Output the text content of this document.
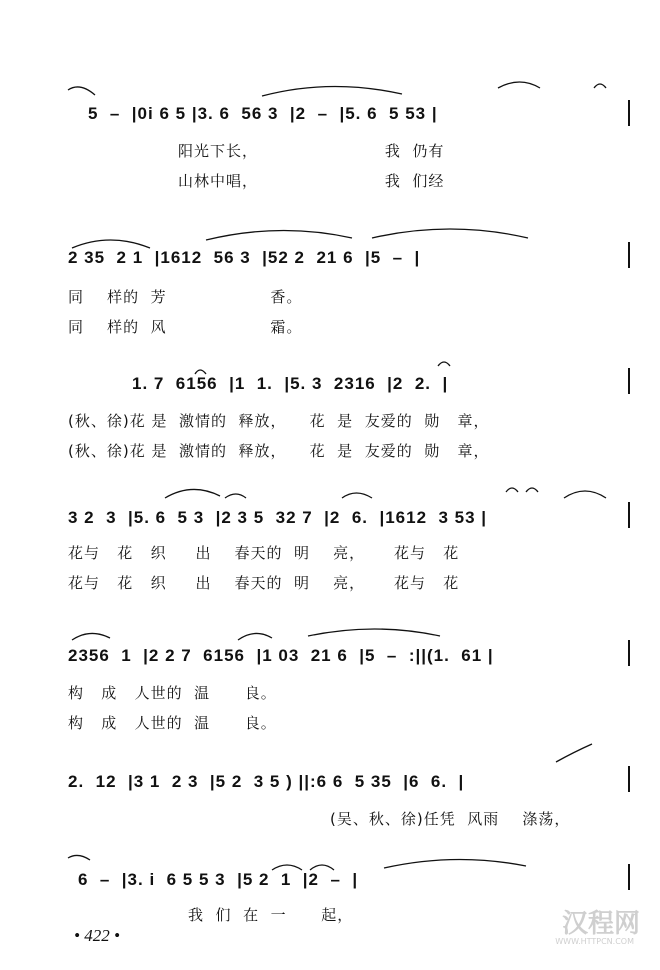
5  –  |0i 6 5 |3. 6  56 3  |2  –  |5. 6  5 53 |
阳光下长，                      我  仍有
山林中唱，                      我  们经
2 35  2 1  |1612  56 3  |52 2  21 6  |5  –  |
同    样的  芳                  香。
同    样的  风                  霜。
1. 7  6156  |1  1.  |5. 3  2316  |2  2.  |
(秋、徐)花 是  激情的  释放，    花  是  友爱的  勋   章，
(秋、徐)花 是  激情的  释放，    花  是  友爱的  勋   章，
3 2  3  |5. 6  5 3  |2 3 5  32 7  |2  6.  |1612  3 53 |
花与   花   织     出    春天的  明    亮，     花与   花
花与   花   织     出    春天的  明    亮，     花与   花
2356  1  |2 2 7  6156  |1 03  21 6  |5  –  :||(1.  61 |
构   成   人世的  温      良。
构   成   人世的  温      良。
2.  12  |3 1  2 3  |5 2  3 5 ) ||:6 6  5 35  |6  6.  |
(吴、秋、徐)任凭  风雨    涤荡，
6  –  |3. i  6 5 5 3  |5 2  1  |2  –  |
我  们  在  一      起，
• 422 •	汉程网
WWW.HTTPCN.COM
